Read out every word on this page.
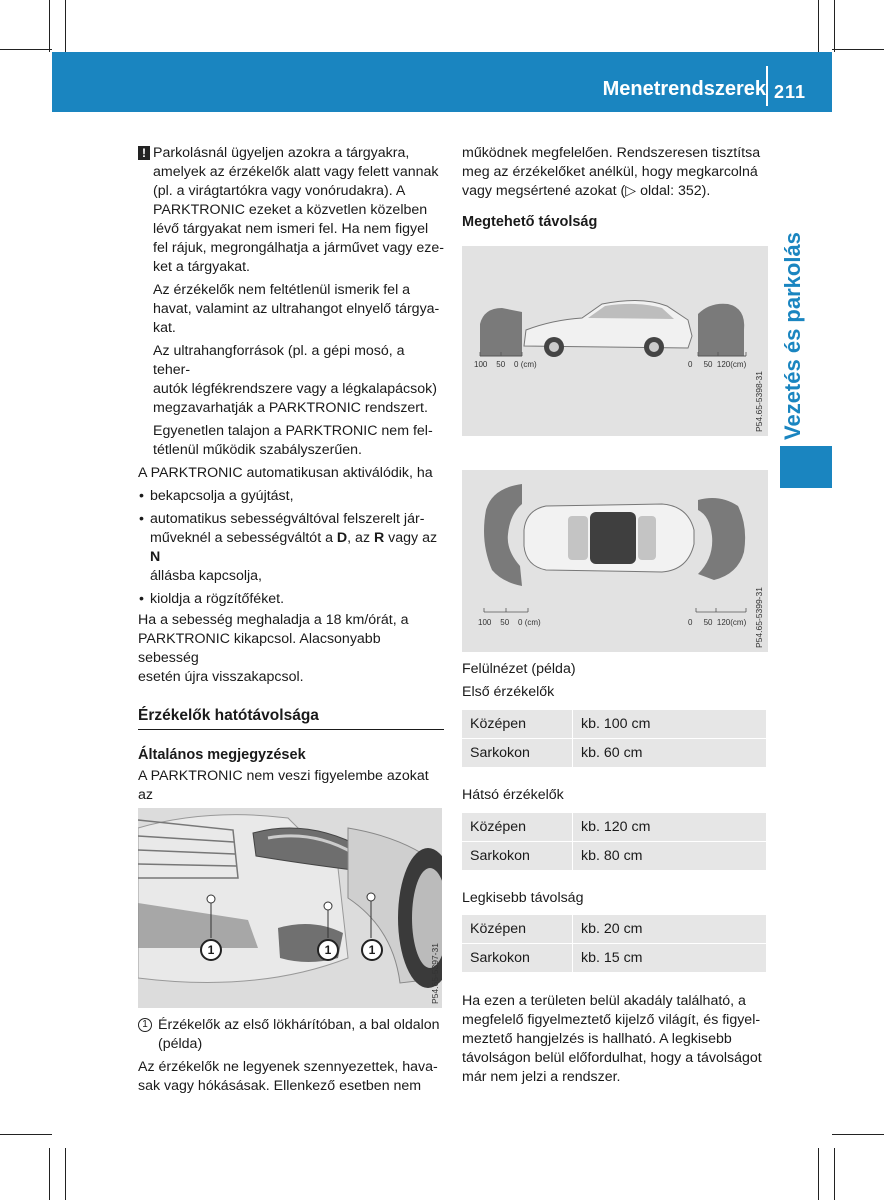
Menetrendszerek 211
Vezetés és parkolás
! Parkolásnál ügyeljen azokra a tárgyakra,

amelyek az érzékelők alatt vagy felett vannak

(pl. a virágtartókra vagy vonórudakra). A

PARKTRONIC ezeket a közvetlen közelben

lévő tárgyakat nem ismeri fel. Ha nem figyel

fel rájuk, megrongálhatja a járművet vagy eze-

ket a tárgyakat.

Az érzékelők nem feltétlenül ismerik fel a

havat, valamint az ultrahangot elnyelő tárgya-

kat.

Az ultrahangforrások (pl. a gépi mosó, a teher-

autók légfékrendszere vagy a légkalapácsok)

megzavarhatják a PARKTRONIC rendszert.

Egyenetlen talajon a PARKTRONIC nem fel-

tétlenül működik szabályszerűen.

A PARKTRONIC automatikusan aktiválódik, ha

• bekapcsolja a gyújtást,
• automatikus sebességváltóval felszerelt jár-
műveknél a sebességváltót a D, az R vagy az N
állásba kapcsolja,
• kioldja a rögzítőféket.

Ha a sebesség meghaladja a 18 km/órát, a

PARKTRONIC kikapcsol. Alacsonyabb sebesség

esetén újra visszakapcsol.

Érzékelők hatótávolsága

Általános megjegyzések

A PARKTRONIC nem veszi figyelembe azokat az

•

•

1	1	1	P54.65-5397-31
1 Érzékelők az első lökhárítóban, a bal oldalon

(példa)

Az érzékelők ne legyenek szennyezettek, hava-

sak vagy hókásásak. Ellenkező esetben nem

működnek megfelelően. Rendszeresen tisztítsa

meg az érzékelőket anélkül, hogy megkarcolná

vagy megsértené azokat (▷ oldal: 352).

Megtehető távolság

100    50    0 (cm)	0     50  120(cm)
P54.65-5398-31
100    50    0 (cm)	0     50  120(cm) P54.65-5399-31
Felülnézet (példa)
Első érzékelők
Középen	kb. 100 cm
Sarkokon	kb. 60 cm
Hátsó érzékelők
Középen	kb. 120 cm
Sarkokon	kb. 80 cm
Legkisebb távolság
Középen	kb. 20 cm
Sarkokon	kb. 15 cm

Ha ezen a területen belül akadály található, a

megfelelő figyelmeztető kijelző világít, és figyel-

meztető hangjelzés is hallható. A legkisebb

távolságon belül előfordulhat, hogy a távolságot

már nem jelzi a rendszer.
